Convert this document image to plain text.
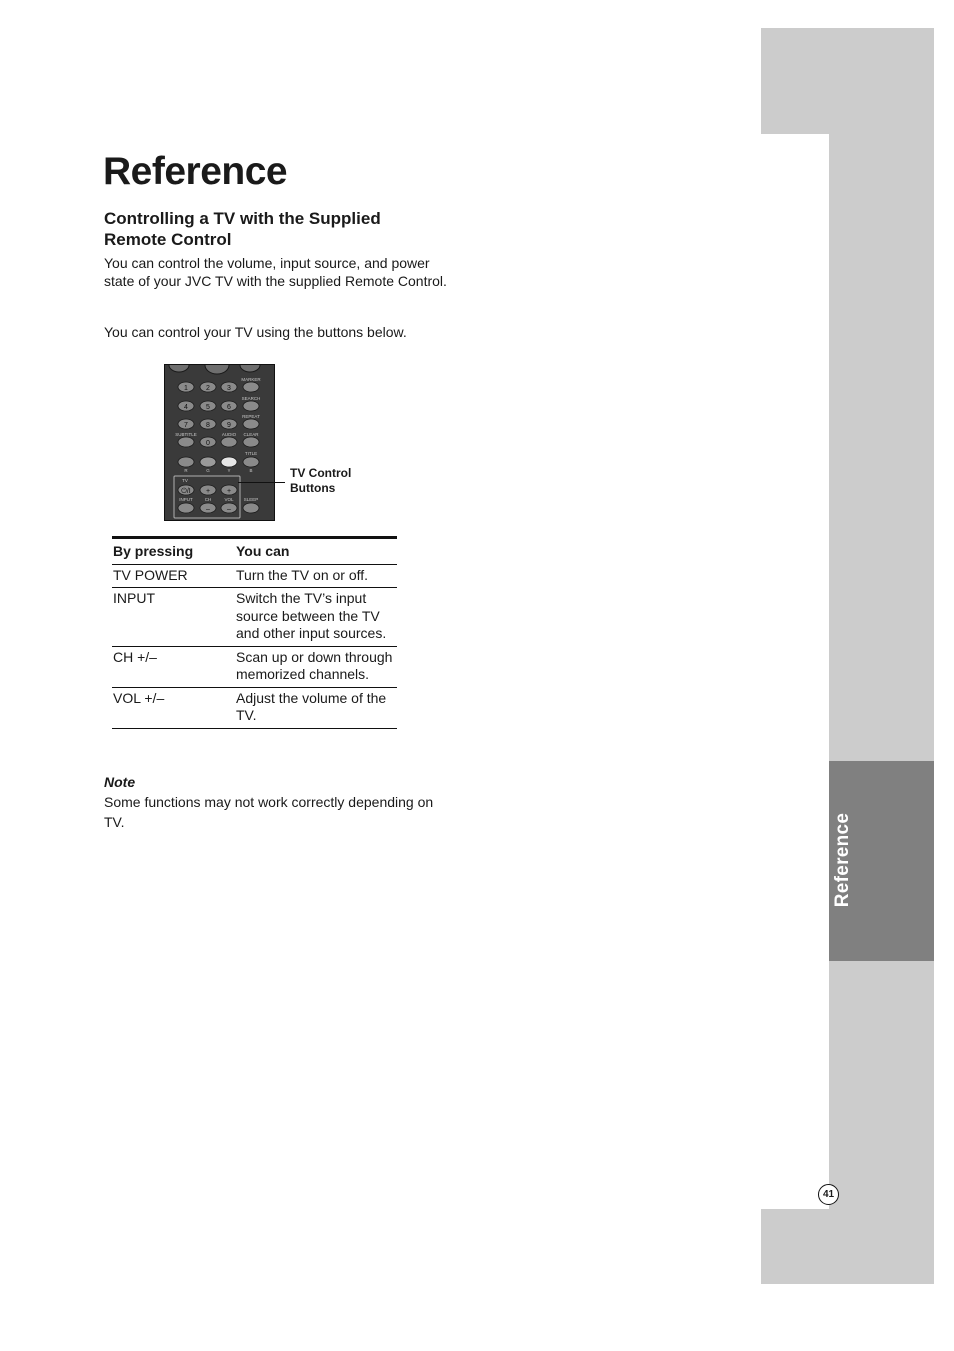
Reference
41
Reference
Controlling a TV with the Supplied Remote Control

You can control the volume, input source, and power state of your JVC TV with the supplied Remote Control.

You can control your TV using the buttons below.

1	2 3
4	5 6
7	8 9
0
MARKER
SEARCH
REPEAT
SUBTITLE	AUDIO CLEAR
TITLE
R	G	Y	B
TV
INPUT	CH	VOL SLEEP
⏻/I + +
– –
TV Control Buttons
By pressing	You can
TV POWER	Turn the TV on or off.
INPUT	Switch the TV’s input source between the TV and other input sources.
CH +/–	Scan up or down through memorized channels.
VOL +/–	Adjust the volume of the TV.

Note

Some functions may not work correctly depending on TV.
